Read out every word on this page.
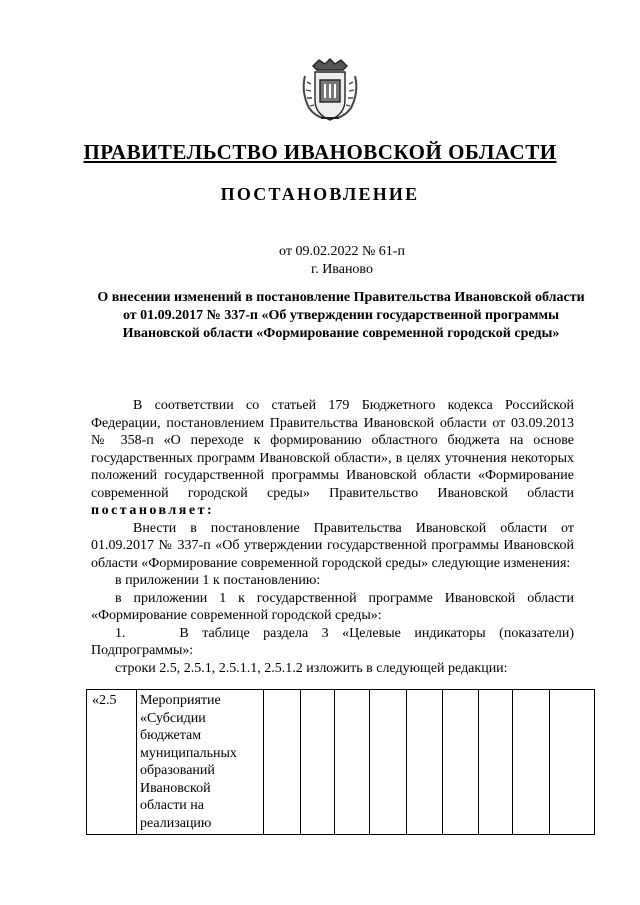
ПРАВИТЕЛЬСТВО ИВАНОВСКОЙ ОБЛАСТИ
ПОСТАНОВЛЕНИЕ
от 09.02.2022 № 61-п
г. Иваново
О внесении изменений в постановление Правительства Ивановской области от 01.09.2017 № 337-п «Об утверждении государственной программы Ивановской области «Формирование современной городской среды»

В соответствии со статьей 179 Бюджетного кодекса Российской Федерации, постановлением Правительства Ивановской области от 03.09.2013 № 358-п «О переходе к формированию областного бюджета на основе государственных программ Ивановской области», в целях уточнения некоторых положений государственной программы Ивановской области «Формирование современной городской среды» Правительство Ивановской области постановляет:

Внести в постановление Правительства Ивановской области от 01.09.2017 № 337-п «Об утверждении государственной программы Ивановской области «Формирование современной городской среды» следующие изменения:

в приложении 1 к постановлению:

в приложении 1 к государственной программе Ивановской области «Формирование современной городской среды»:

1.	В таблице раздела 3 «Целевые индикаторы (показатели) Подпрограммы»:

строки 2.5, 2.5.1, 2.5.1.1, 2.5.1.2 изложить в следующей редакции:

«2.5	Мероприятие «Субсидии бюджетам муниципальных образований Ивановской области на реализацию									
